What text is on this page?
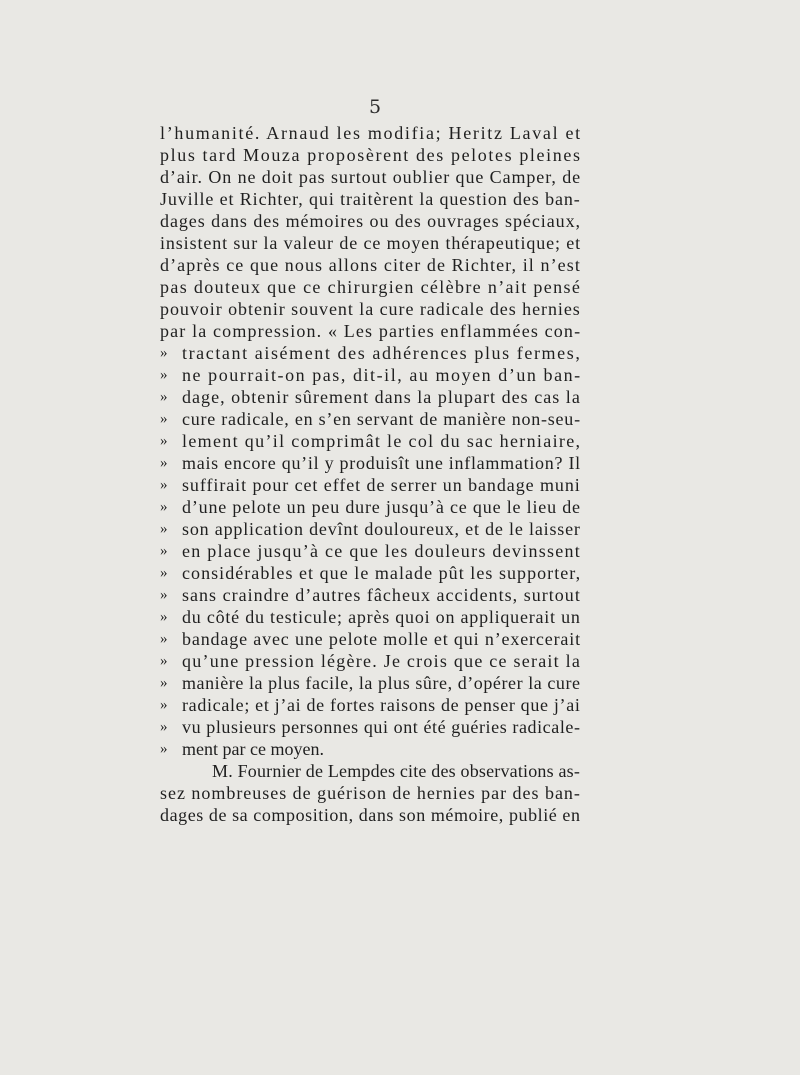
5
l’humanité. Arnaud les modifia; Heritz Laval et
plus tard Mouza proposèrent des pelotes pleines
d’air. On ne doit pas surtout oublier que Camper, de
Juville et Richter, qui traitèrent la question des ban-
dages dans des mémoires ou des ouvrages spéciaux,
insistent sur la valeur de ce moyen thérapeutique; et
d’après ce que nous allons citer de Richter, il n’est
pas douteux que ce chirurgien célèbre n’ait pensé
pouvoir obtenir souvent la cure radicale des hernies
par la compression. « Les parties enflammées con-
» tractant aisément des adhérences plus fermes,
» ne pourrait-on pas, dit-il, au moyen d’un ban-
» dage, obtenir sûrement dans la plupart des cas la
» cure radicale, en s’en servant de manière non-seu-
» lement qu’il comprimât le col du sac herniaire,
» mais encore qu’il y produisît une inflammation? Il
» suffirait pour cet effet de serrer un bandage muni
» d’une pelote un peu dure jusqu’à ce que le lieu de
» son application devînt douloureux, et de le laisser
» en place jusqu’à ce que les douleurs devinssent
» considérables et que le malade pût les supporter,
» sans craindre d’autres fâcheux accidents, surtout
» du côté du testicule; après quoi on appliquerait un
» bandage avec une pelote molle et qui n’exercerait
» qu’une pression légère. Je crois que ce serait la
» manière la plus facile, la plus sûre, d’opérer la cure
» radicale; et j’ai de fortes raisons de penser que j’ai
» vu plusieurs personnes qui ont été guéries radicale-
» ment par ce moyen.
M. Fournier de Lempdes cite des observations as-
sez nombreuses de guérison de hernies par des ban-
dages de sa composition, dans son mémoire, publié en
